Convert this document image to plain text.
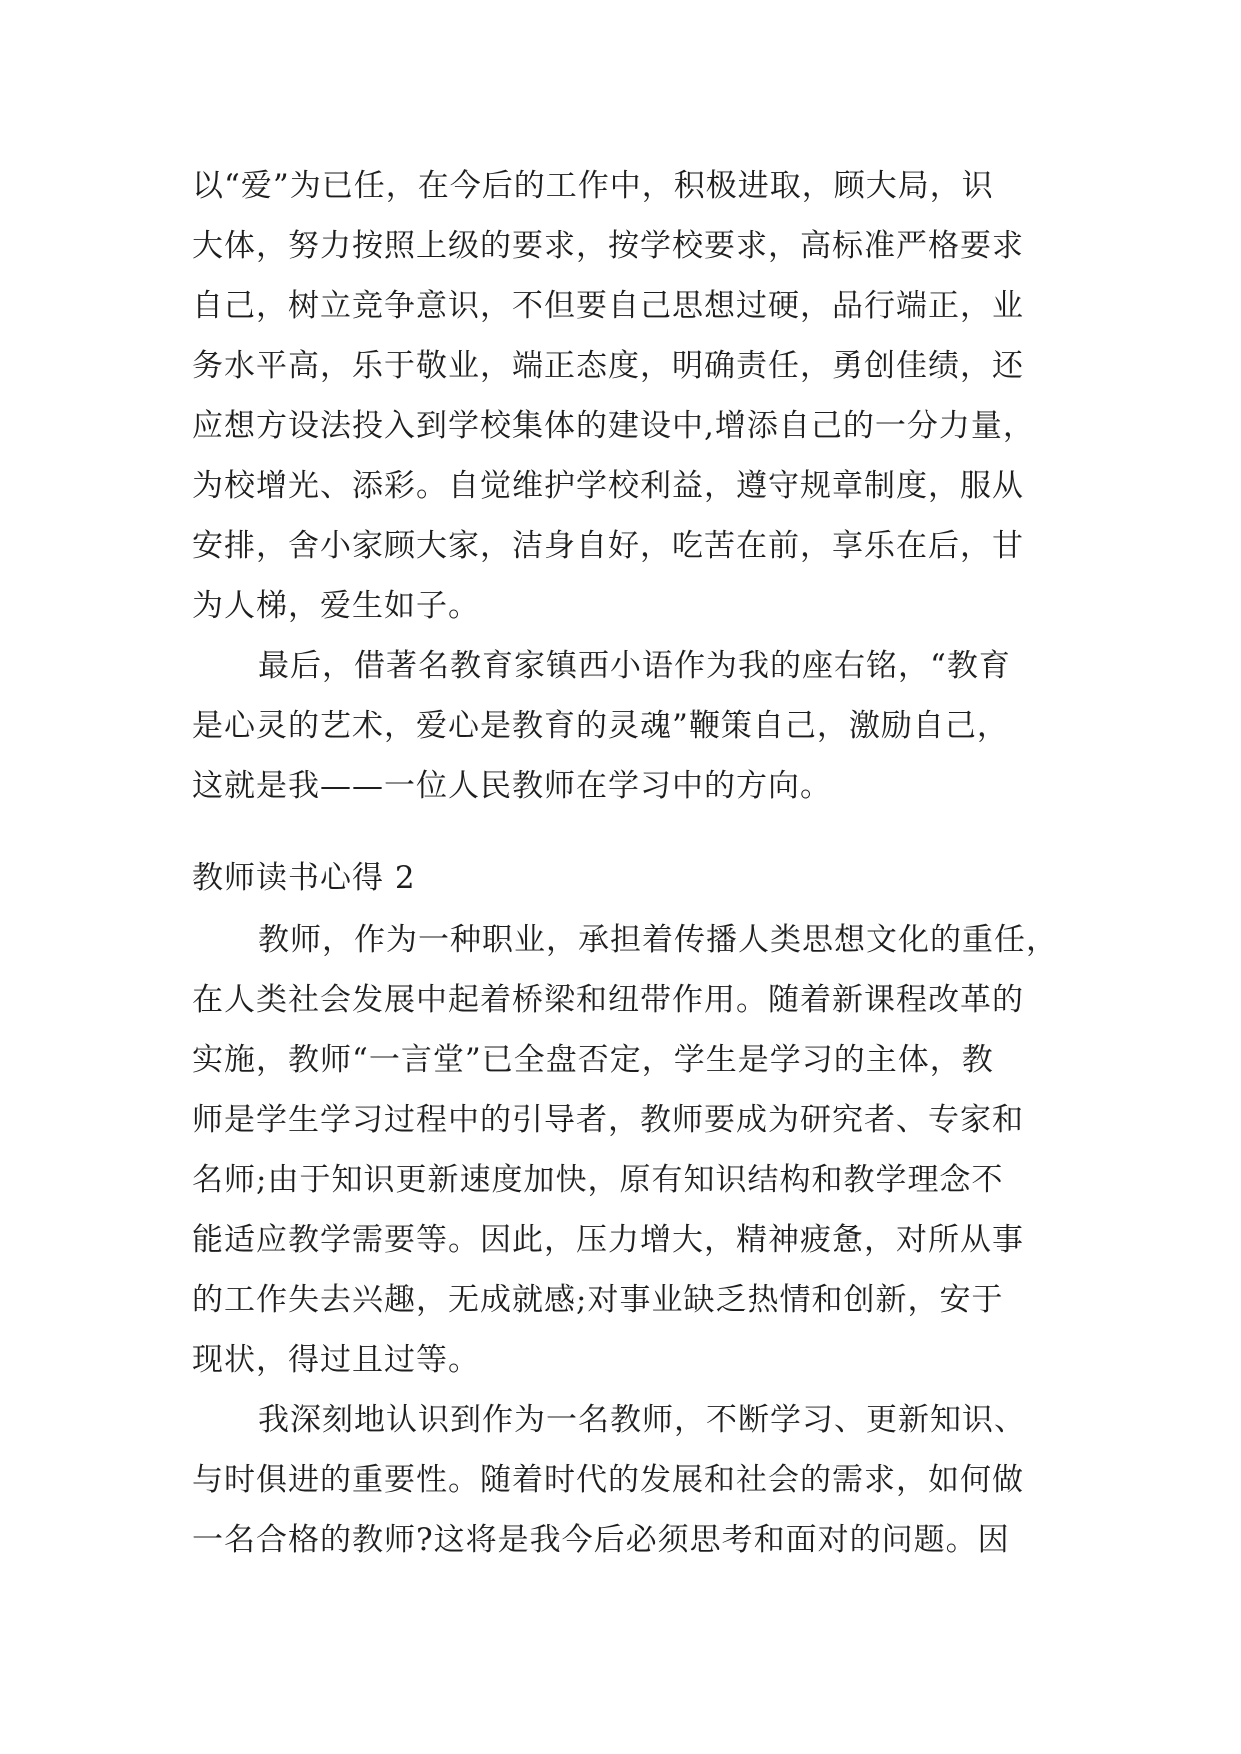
以“爱”为已任，在今后的工作中，积极进取，顾大局，识
大体，努力按照上级的要求，按学校要求，高标准严格要求
自己，树立竞争意识，不但要自己思想过硬，品行端正，业
务水平高，乐于敬业，端正态度，明确责任，勇创佳绩，还
应想方设法投入到学校集体的建设中,增添自己的一分力量，
为校增光、添彩。自觉维护学校利益，遵守规章制度，服从
安排，舍小家顾大家，洁身自好，吃苦在前，享乐在后，甘
为人梯，爱生如子。
最后，借著名教育家镇西小语作为我的座右铭，“教育
是心灵的艺术，爱心是教育的灵魂”鞭策自己，激励自己，
这就是我——一位人民教师在学习中的方向。
教师读书心得 2
教师，作为一种职业，承担着传播人类思想文化的重任，
在人类社会发展中起着桥梁和纽带作用。随着新课程改革的
实施，教师“一言堂”已全盘否定，学生是学习的主体，教
师是学生学习过程中的引导者，教师要成为研究者、专家和
名师;由于知识更新速度加快，原有知识结构和教学理念不
能适应教学需要等。因此，压力增大，精神疲惫，对所从事
的工作失去兴趣，无成就感;对事业缺乏热情和创新，安于
现状，得过且过等。
我深刻地认识到作为一名教师，不断学习、更新知识、
与时俱进的重要性。随着时代的发展和社会的需求，如何做
一名合格的教师?这将是我今后必须思考和面对的问题。因
